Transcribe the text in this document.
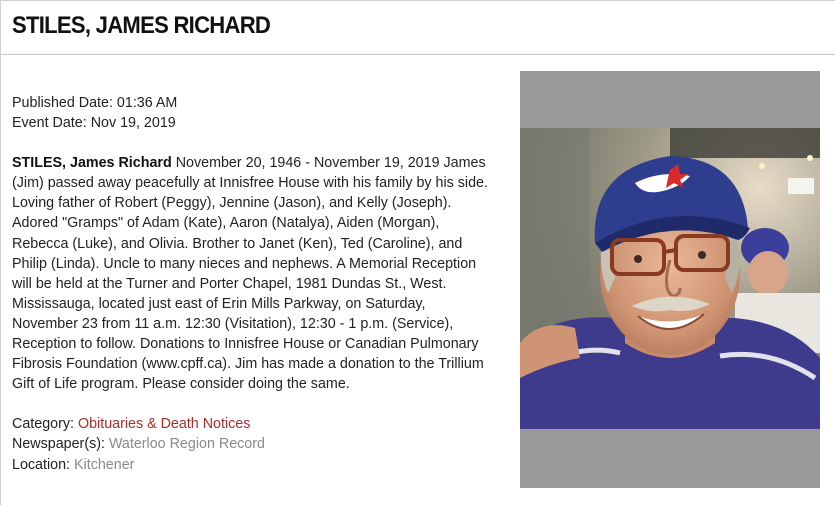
STILES, JAMES RICHARD

Published Date: 01:36 AM
Event Date: Nov 19, 2019

STILES, James Richard November 20, 1946 - November 19, 2019 James (Jim) passed away peacefully at Innisfree House with his family by his side. Loving father of Robert (Peggy), Jennine (Jason), and Kelly (Joseph). Adored "Gramps" of Adam (Kate), Aaron (Natalya), Aiden (Morgan), Rebecca (Luke), and Olivia. Brother to Janet (Ken), Ted (Caroline), and Philip (Linda). Uncle to many nieces and nephews. A Memorial Reception will be held at the Turner and Porter Chapel, 1981 Dundas St., West. Mississauga, located just east of Erin Mills Parkway, on Saturday, November 23 from 11 a.m. 12:30 (Visitation), 12:30 - 1 p.m. (Service), Reception to follow. Donations to Innisfree House or Canadian Pulmonary Fibrosis Foundation (www.cpff.ca). Jim has made a donation to the Trillium Gift of Life program. Please consider doing the same.

Category: Obituaries & Death Notices
Newspaper(s): Waterloo Region Record
Location: Kitchener
